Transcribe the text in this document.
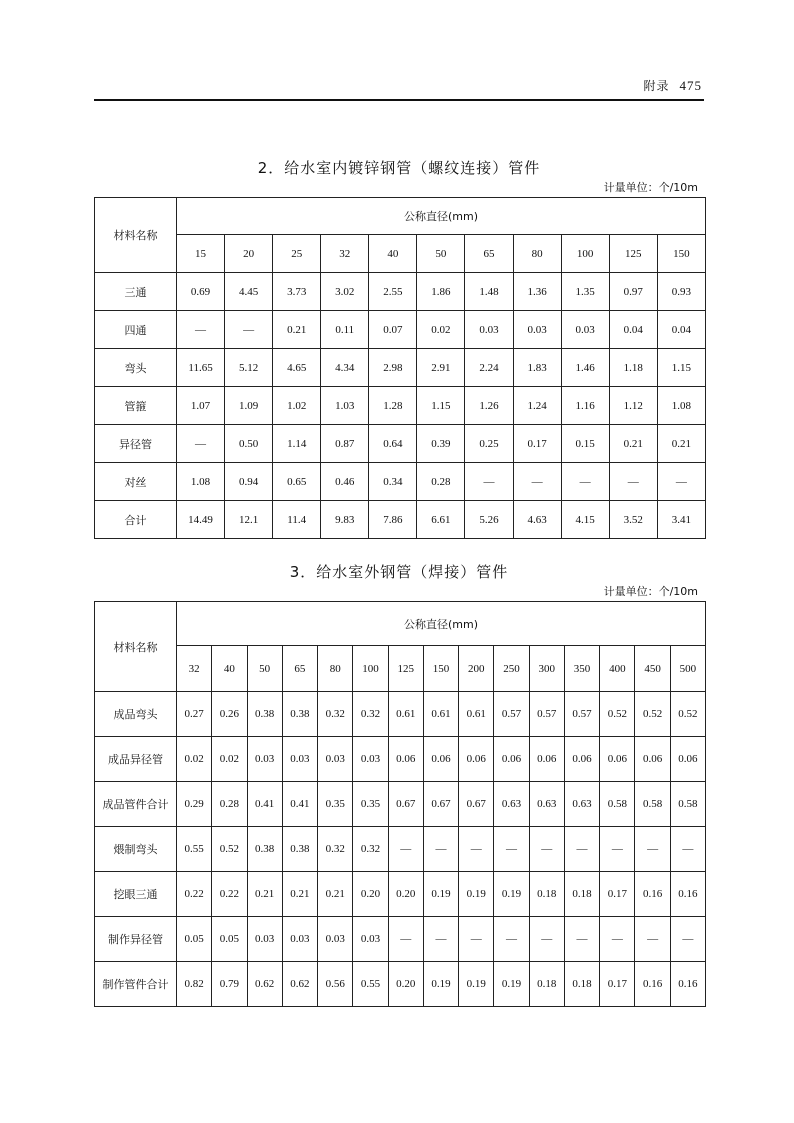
附录 475
2．给水室内镀锌钢管（螺纹连接）管件
计量单位：个/10m
材料名称	公称直径(mm)										
	15	20	25	32	40	50	65	80	100	125	150
三通	0.69	4.45	3.73	3.02	2.55	1.86	1.48	1.36	1.35	0.97	0.93
四通	—	—	0.21	0.11	0.07	0.02	0.03	0.03	0.03	0.04	0.04
弯头	11.65	5.12	4.65	4.34	2.98	2.91	2.24	1.83	1.46	1.18	1.15
管箍	1.07	1.09	1.02	1.03	1.28	1.15	1.26	1.24	1.16	1.12	1.08
异径管	—	0.50	1.14	0.87	0.64	0.39	0.25	0.17	0.15	0.21	0.21
对丝	1.08	0.94	0.65	0.46	0.34	0.28	—	—	—	—	—
合计	14.49	12.1	11.4	9.83	7.86	6.61	5.26	4.63	4.15	3.52	3.41
3．给水室外钢管（焊接）管件
计量单位：个/10m
材料名称	公称直径(mm)														
	32	40	50	65	80	100	125	150	200	250	300	350	400	450	500
成品弯头	0.27	0.26	0.38	0.38	0.32	0.32	0.61	0.61	0.61	0.57	0.57	0.57	0.52	0.52	0.52
成品异径管	0.02	0.02	0.03	0.03	0.03	0.03	0.06	0.06	0.06	0.06	0.06	0.06	0.06	0.06	0.06
成品管件合计	0.29	0.28	0.41	0.41	0.35	0.35	0.67	0.67	0.67	0.63	0.63	0.63	0.58	0.58	0.58
煨制弯头	0.55	0.52	0.38	0.38	0.32	0.32	—	—	—	—	—	—	—	—	—
挖眼三通	0.22	0.22	0.21	0.21	0.21	0.20	0.20	0.19	0.19	0.19	0.18	0.18	0.17	0.16	0.16
制作异径管	0.05	0.05	0.03	0.03	0.03	0.03	—	—	—	—	—	—	—	—	—
制作管件合计	0.82	0.79	0.62	0.62	0.56	0.55	0.20	0.19	0.19	0.19	0.18	0.18	0.17	0.16	0.16
